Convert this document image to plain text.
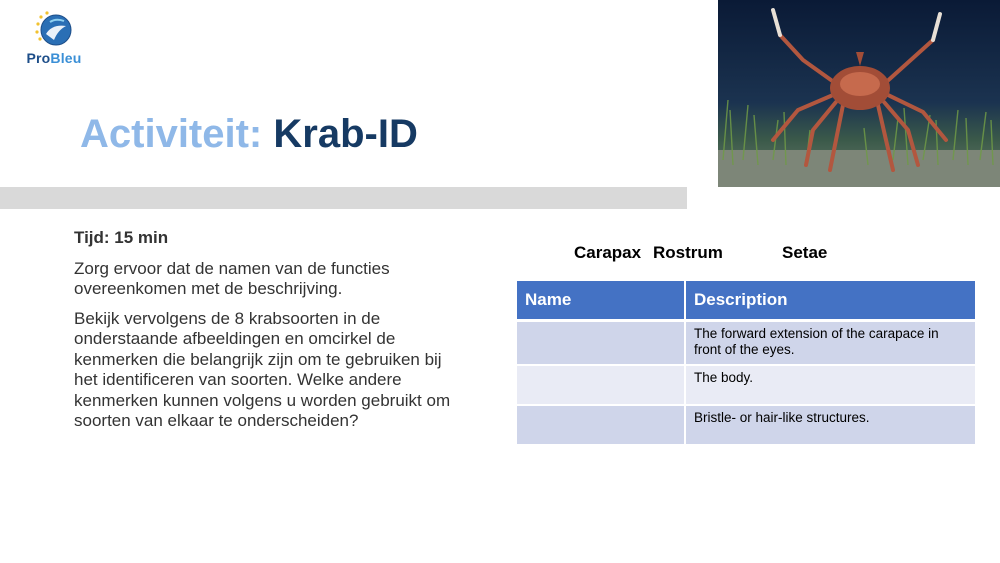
ProBleu
Activiteit: Krab-ID

Tijd: 15 min

Zorg ervoor dat de namen van de functies overeenkomen met de beschrijving.

Bekijk vervolgens de 8 krabsoorten in de onderstaande afbeeldingen en omcirkel de kenmerken die belangrijk zijn om te gebruiken bij het identificeren van soorten. Welke andere kenmerken kunnen volgens u worden gebruikt om soorten van elkaar te onderscheiden?

Carapax Rostrum	Setae
Name	Description
	The forward extension of the carapace in front of the eyes.
	The body.
	Bristle- or hair-like structures.
